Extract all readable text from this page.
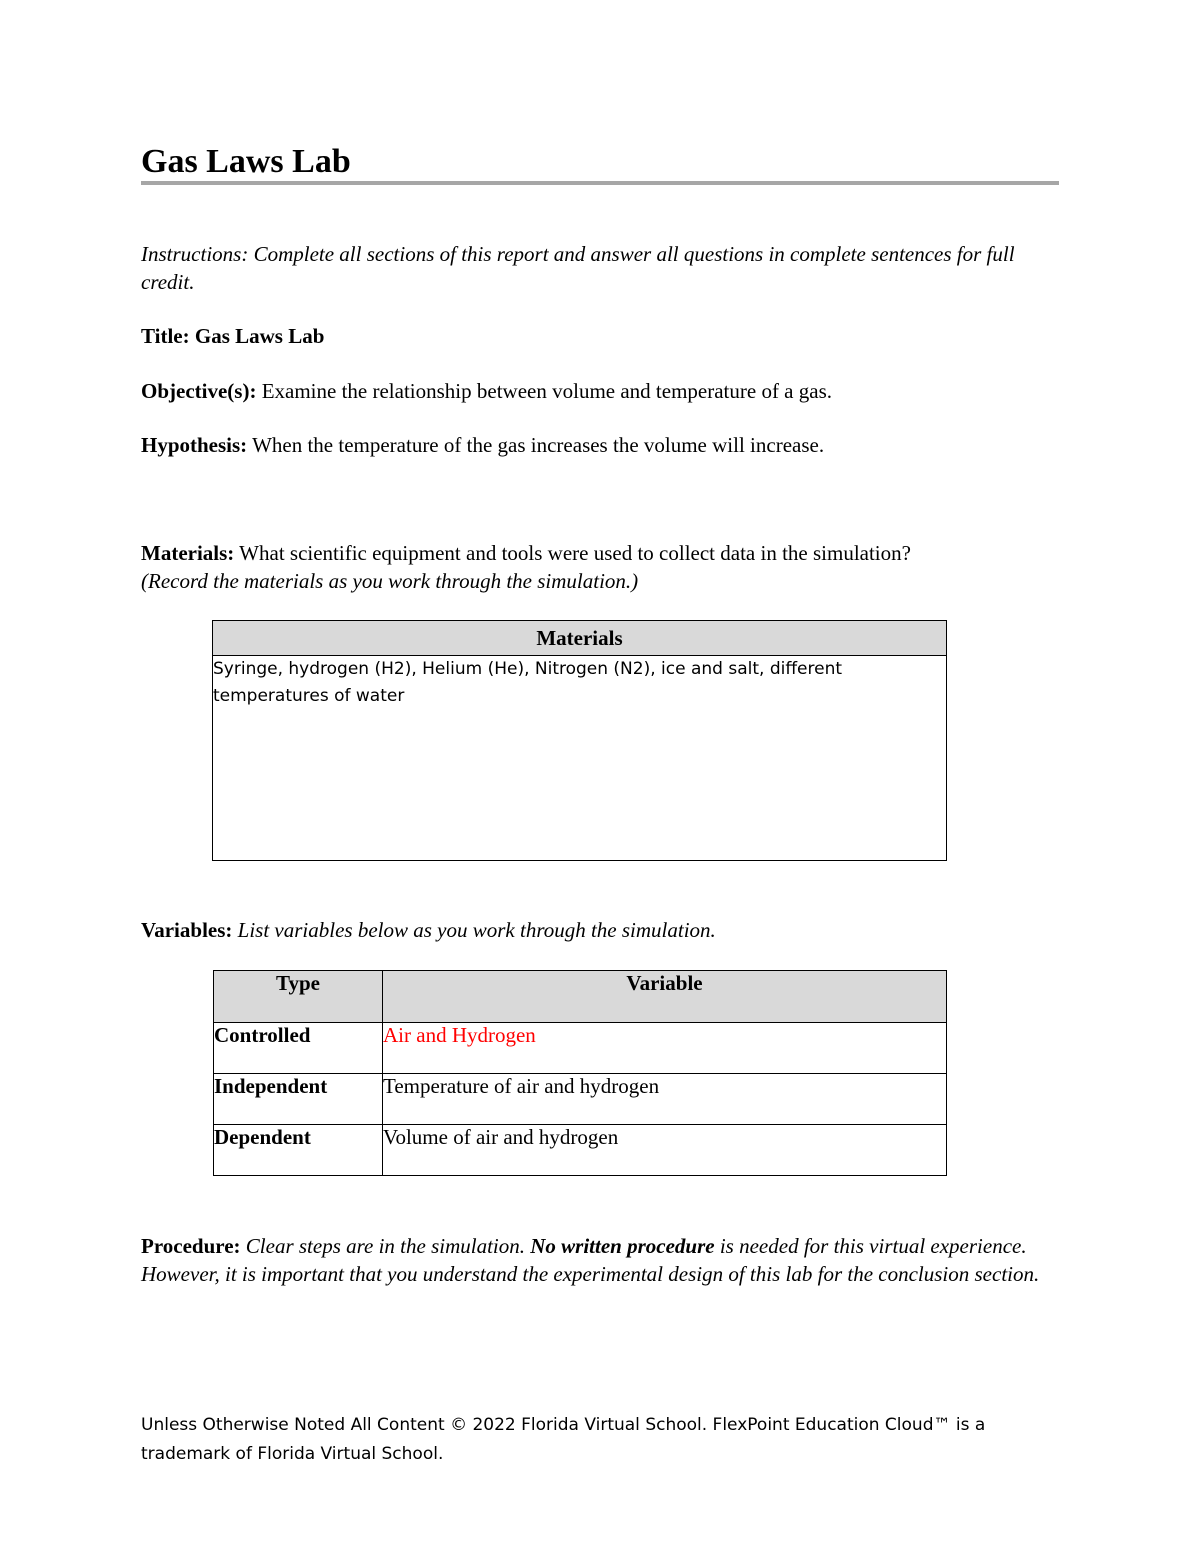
Gas Laws Lab

Instructions: Complete all sections of this report and answer all questions in complete sentences for full credit.

Title: Gas Laws Lab

Objective(s): Examine the relationship between volume and temperature of a gas.

Hypothesis: When the temperature of the gas increases the volume will increase.

Materials: What scientific equipment and tools were used to collect data in the simulation?
(Record the materials as you work through the simulation.)

Materials
Syringe, hydrogen (H2), Helium (He), Nitrogen (N2), ice and salt, different temperatures of water

Variables: List variables below as you work through the simulation.

Type	Variable
Controlled	Air and Hydrogen
Independent	Temperature of air and hydrogen
Dependent	Volume of air and hydrogen

Procedure: Clear steps are in the simulation. No written procedure is needed for this virtual experience. However, it is important that you understand the experimental design of this lab for the conclusion section.

Unless Otherwise Noted All Content © 2022 Florida Virtual School. FlexPoint Education Cloud™ is a trademark of Florida Virtual School.
